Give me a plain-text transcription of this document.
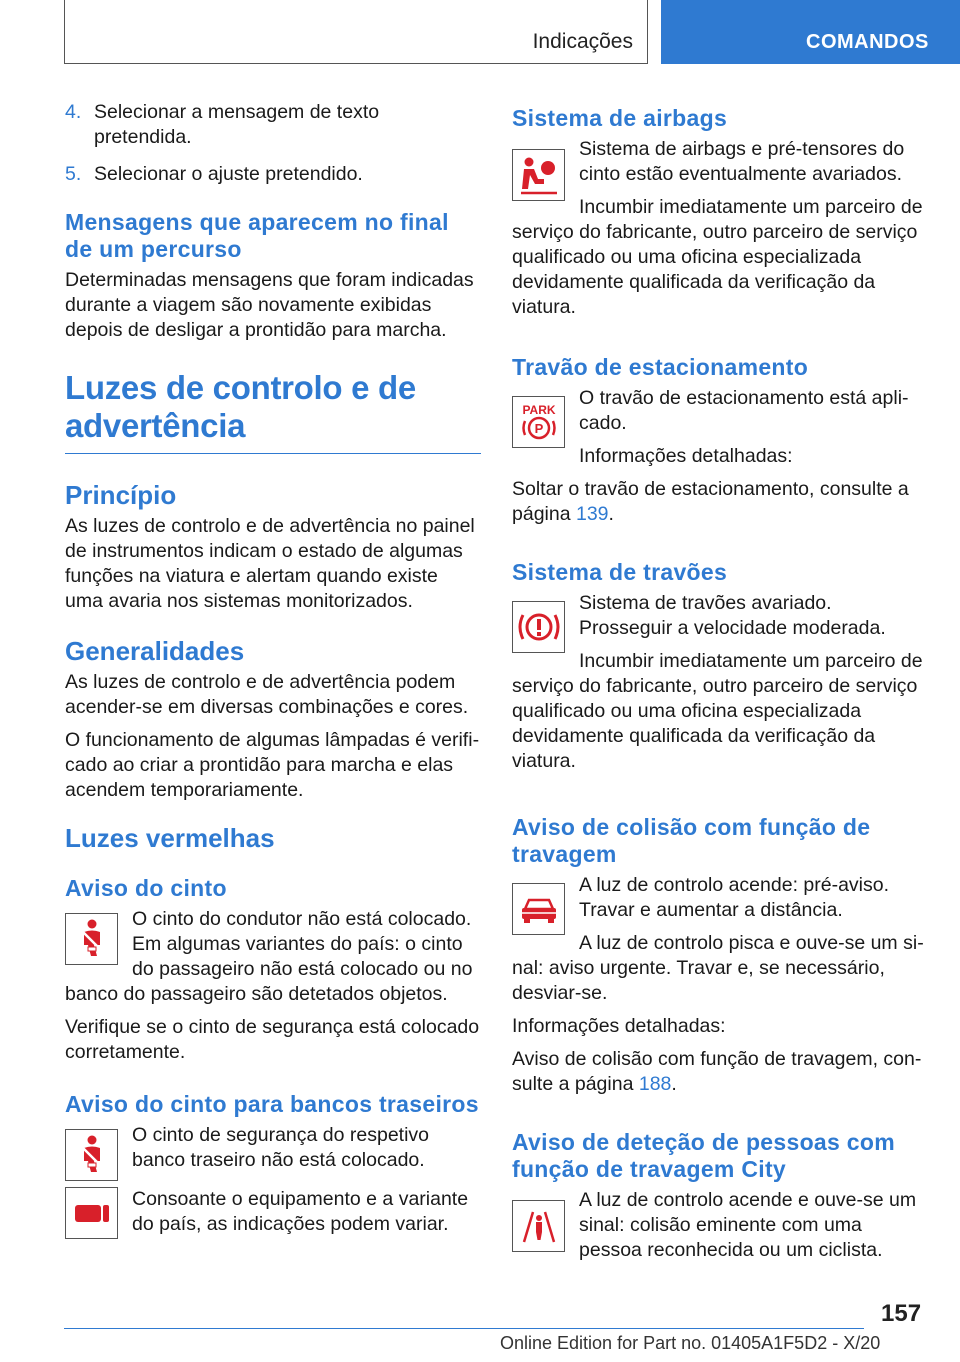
Indicações	COMANDOS
4. Selecionar a mensagem de texto pretendida.
5. Selecionar o ajuste pretendido.
Mensagens que aparecem no final de um percurso

Determinadas mensagens que foram indicadas durante a viagem são novamente exibidas depois de desligar a prontidão para marcha.

Luzes de controlo e de advertência
Princípio

As luzes de controlo e de advertência no painel de instrumentos indicam o estado de algumas funções na viatura e alertam quando existe uma avaria nos sistemas monitorizados.

Generalidades

As luzes de controlo e de advertência podem acender-se em diversas combinações e cores.

O funcionamento de algumas lâmpadas é verificado ao criar a prontidão para marcha e elas acendem temporariamente.

Luzes vermelhas
Aviso do cinto

O cinto do condutor não está colocado. Em algumas variantes do país: o cinto do passageiro não está colocado ou no banco do passageiro são detetados objetos.

Verifique se o cinto de segurança está colocado corretamente.

Aviso do cinto para bancos traseiros

O cinto de segurança do respetivo banco traseiro não está colocado.

Consoante o equipamento e a variante do país, as indicações podem variar.

Sistema de airbags

Sistema de airbags e pré-tensores do cinto estão eventualmente avariados.

Incumbir imediatamente um parceiro de serviço do fabricante, outro parceiro de serviço qualificado ou uma oficina especializada devidamente qualificada da verificação da viatura.

Travão de estacionamento
PARK
P

O travão de estacionamento está aplicado.

Informações detalhadas:

Soltar o travão de estacionamento, consulte a página 139.

Sistema de travões

Sistema de travões avariado. Prosseguir a velocidade moderada.

Incumbir imediatamente um parceiro de serviço do fabricante, outro parceiro de serviço qualificado ou uma oficina especializada devidamente qualificada da verificação da viatura.

Aviso de colisão com função de travagem

A luz de controlo acende: pré-aviso. Travar e aumentar a distância.

A luz de controlo pisca e ouve-se um sinal: aviso urgente. Travar e, se necessário, desviar-se.

Informações detalhadas:

Aviso de colisão com função de travagem, consulte a página 188.

Aviso de deteção de pessoas com função de travagem City

A luz de controlo acende e ouve-se um sinal: colisão eminente com uma pessoa reconhecida ou um ciclista.

157
Online Edition for Part no. 01405A1F5D2 - X/20
